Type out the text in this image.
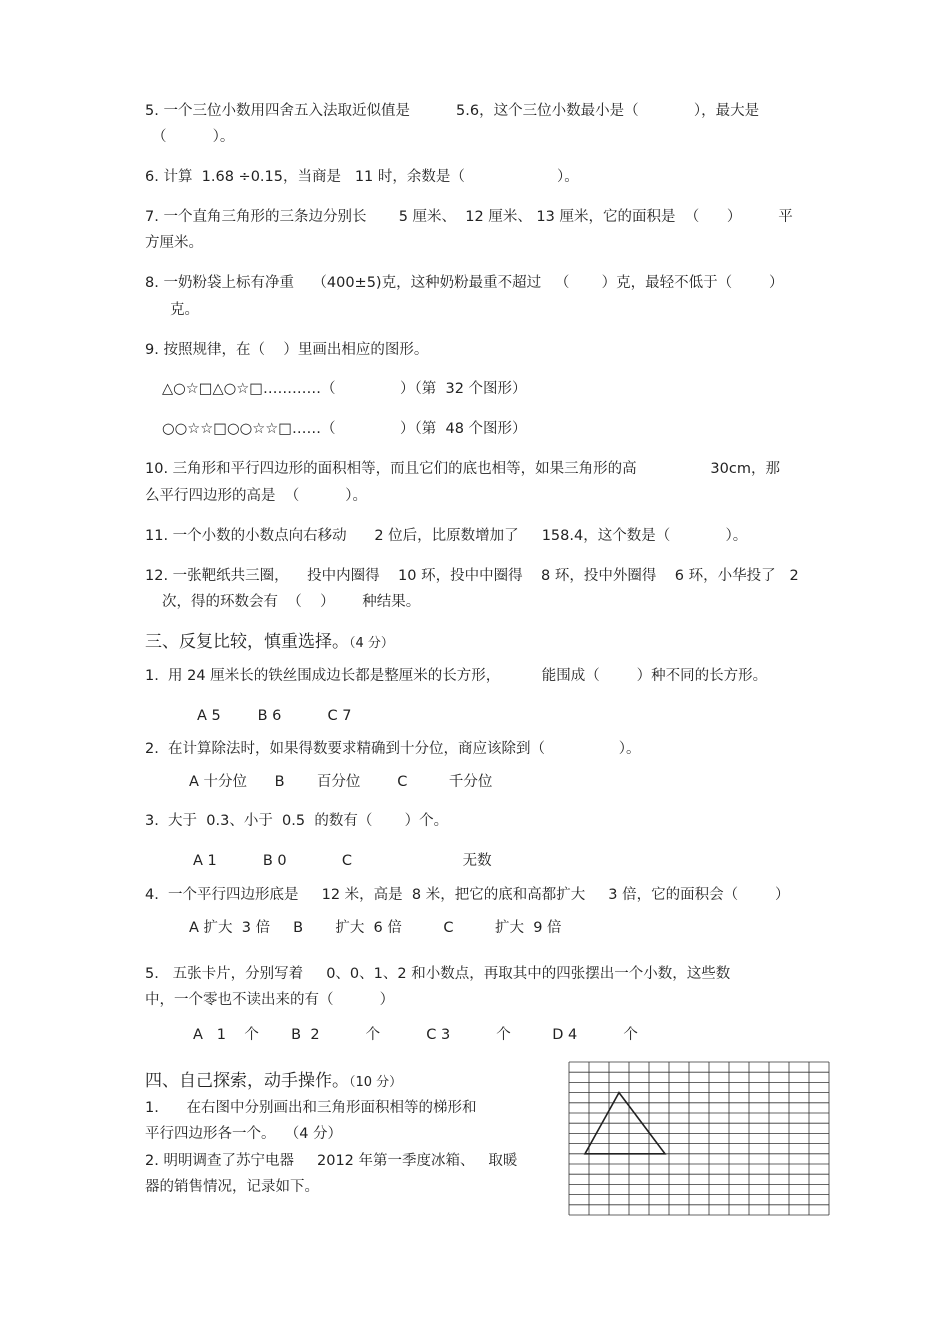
5. 一个三位小数用四舍五入法取近似值是          5.6，这个三位小数最小是（            ），最大是
（          ）。
6. 计算  1.68 ÷0.15，当商是   11 时，余数是（                    ）。
7. 一个直角三角形的三条边分别长       5 厘米、  12 厘米、 13 厘米，它的面积是  （      ）        平
方厘米。
8. 一奶粉袋上标有净重    （400±5)克，这种奶粉最重不超过   （       ）克，最轻不低于（        ）
克。
9. 按照规律，在（    ）里画出相应的图形。
△○☆□△○☆□…………（              ）（第  32 个图形）
○○☆☆□○○☆☆□……（              ）（第  48 个图形）
10. 三角形和平行四边形的面积相等，而且它们的底也相等，如果三角形的高                30cm，那
么平行四边形的高是  （          ）。
11. 一个小数的小数点向右移动      2 位后，比原数增加了     158.4，这个数是（            ）。
12. 一张靶纸共三圈，    投中内圈得    10 环，投中中圈得    8 环，投中外圈得    6 环，小华投了   2
次，得的环数会有  （    ）      种结果。
三、反复比较，慎重选择。（4 分）
1.  用 24 厘米长的铁丝围成边长都是整厘米的长方形，         能围成（        ）种不同的长方形。
A 5        B 6          C 7
2.  在计算除法时，如果得数要求精确到十分位，商应该除到（                ）。
A 十分位      B       百分位        C         千分位
3.  大于  0.3、小于  0.5  的数有（       ）个。
A 1          B 0            C                        无数
4.  一个平行四边形底是     12 米，高是  8 米，把它的底和高都扩大     3 倍，它的面积会（        ）
A 扩大  3 倍     B       扩大  6 倍         C         扩大  9 倍
5.   五张卡片，分别写着     0、0、1、2 和小数点，再取其中的四张摆出一个小数，这些数
中，一个零也不读出来的有（          ）
A   1    个       B  2          个          C 3          个         D 4          个
四、自己探索，动手操作。（10 分）
1.      在右图中分别画出和三角形面积相等的梯形和
平行四边形各一个。  （4 分）
2. 明明调查了苏宁电器     2012 年第一季度冰箱、   取暖
器的销售情况，记录如下。
